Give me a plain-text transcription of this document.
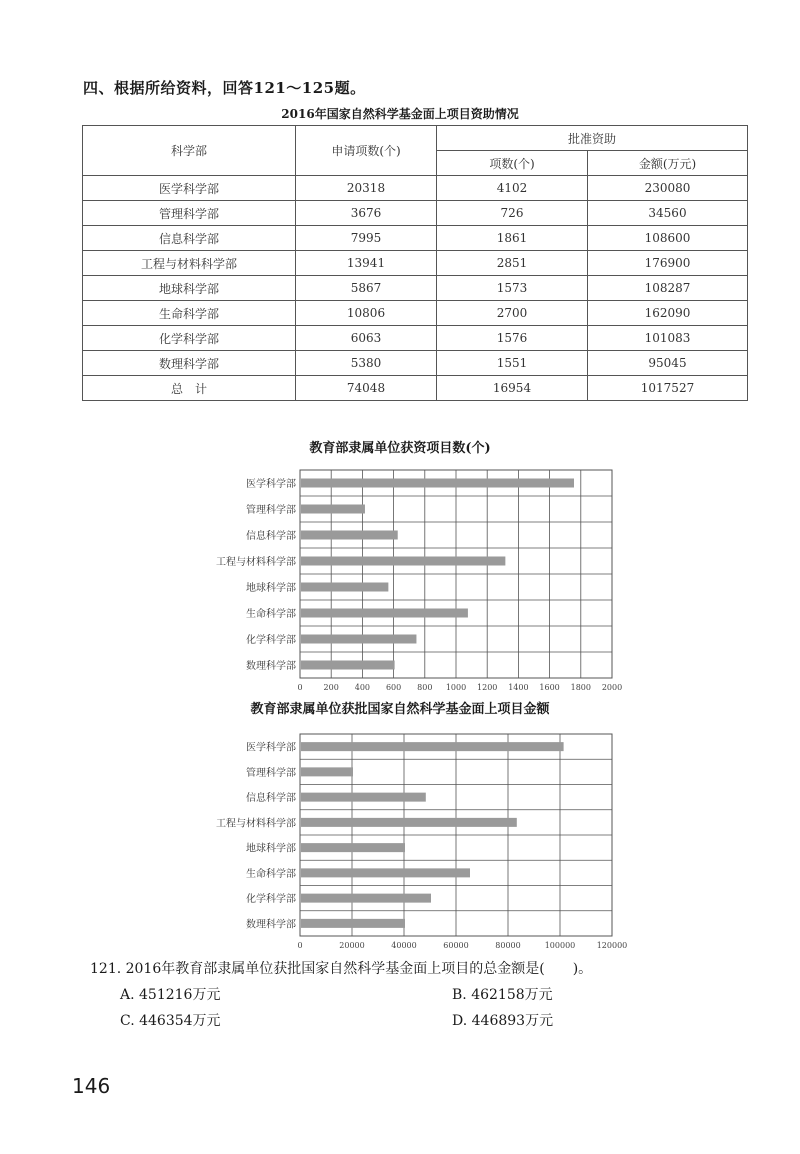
四、根据所给资料，回答121～125题。
2016年国家自然科学基金面上项目资助情况
科学部	申请项数(个)	批准资助	
		项数(个)	金额(万元)
医学科学部	20318	4102	230080
管理科学部	3676	726	34560
信息科学部	7995	1861	108600
工程与材料科学部	13941	2851	176900
地球科学部	5867	1573	108287
生命科学部	10806	2700	162090
化学科学部	6063	1576	101083
数理科学部	5380	1551	95045
总　计	74048	16954	1017527
教育部隶属单位获资项目数(个)
0	200 400 600 800 1000 1200 1400 1600 1800 2000
医学科学部
管理科学部
信息科学部
工程与材料科学部
地球科学部
生命科学部
化学科学部
数理科学部
教育部隶属单位获批国家自然科学基金面上项目金额
0	20000	40000	60000	80000	100000	120000
医学科学部
管理科学部
信息科学部
工程与材料科学部
地球科学部
生命科学部
化学科学部
数理科学部
121. 2016年教育部隶属单位获批国家自然科学基金面上项目的总金额是(　　)。
A. 451216万元	B. 462158万元
C. 446354万元	D. 446893万元
146
